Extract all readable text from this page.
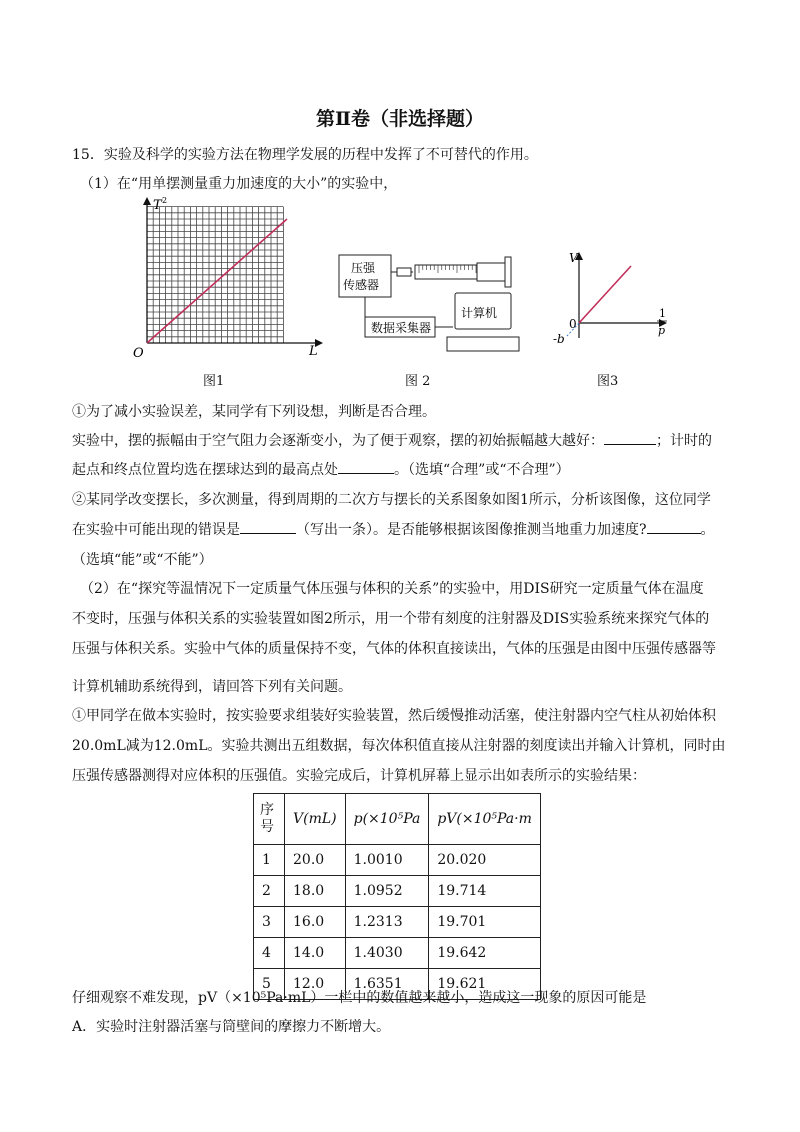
第Ⅱ卷（非选择题）
15．实验及科学的实验方法在物理学发展的历程中发挥了不可替代的作用。
（1）在“用单摆测量重力加速度的大小”的实验中，
T 2
O	L
图1
压强
传感器
数据采集器
计算机
图 2
V
0
-b
1
p
图3
①为了减小实验误差，某同学有下列设想，判断是否合理。
实验中，摆的振幅由于空气阻力会逐渐变小，为了便于观察，摆的初始振幅越大越好：	；计时的
起点和终点位置均选在摆球达到的最高点处	。（选填“合理”或“不合理”）
②某同学改变摆长，多次测量，得到周期的二次方与摆长的关系图象如图1所示，分析该图像，这位同学
在实验中可能出现的错误是	（写出一条）。是否能够根据该图像推测当地重力加速度?	。
（选填“能”或“不能”）
（2）在“探究等温情况下一定质量气体压强与体积的关系”的实验中，用DIS研究一定质量气体在温度
不变时，压强与体积关系的实验装置如图2所示，用一个带有刻度的注射器及DIS实验系统来探究气体的
压强与体积关系。实验中气体的质量保持不变，气体的体积直接读出，气体的压强是由图中压强传感器等
计算机辅助系统得到，请回答下列有关问题。
①甲同学在做本实验时，按实验要求组装好实验装置，然后缓慢推动活塞，使注射器内空气柱从初始体积
20.0mL减为12.0mL。实验共测出五组数据，每次体积值直接从注射器的刻度读出并输入计算机，同时由
压强传感器测得对应体积的压强值。实验完成后，计算机屏幕上显示出如表所示的实验结果：
序号	V(mL)	p(×10⁵Pa	pV(×10⁵Pa·m
1	20.0	1.0010	20.020
2	18.0	1.0952	19.714
3	16.0	1.2313	19.701
4	14.0	1.4030	19.642
5	12.0	1.6351	19.621
仔细观察不难发现，pV（×10⁵Pa·mL）一栏中的数值越来越小，造成这一现象的原因可能是
A．实验时注射器活塞与筒壁间的摩擦力不断增大。
